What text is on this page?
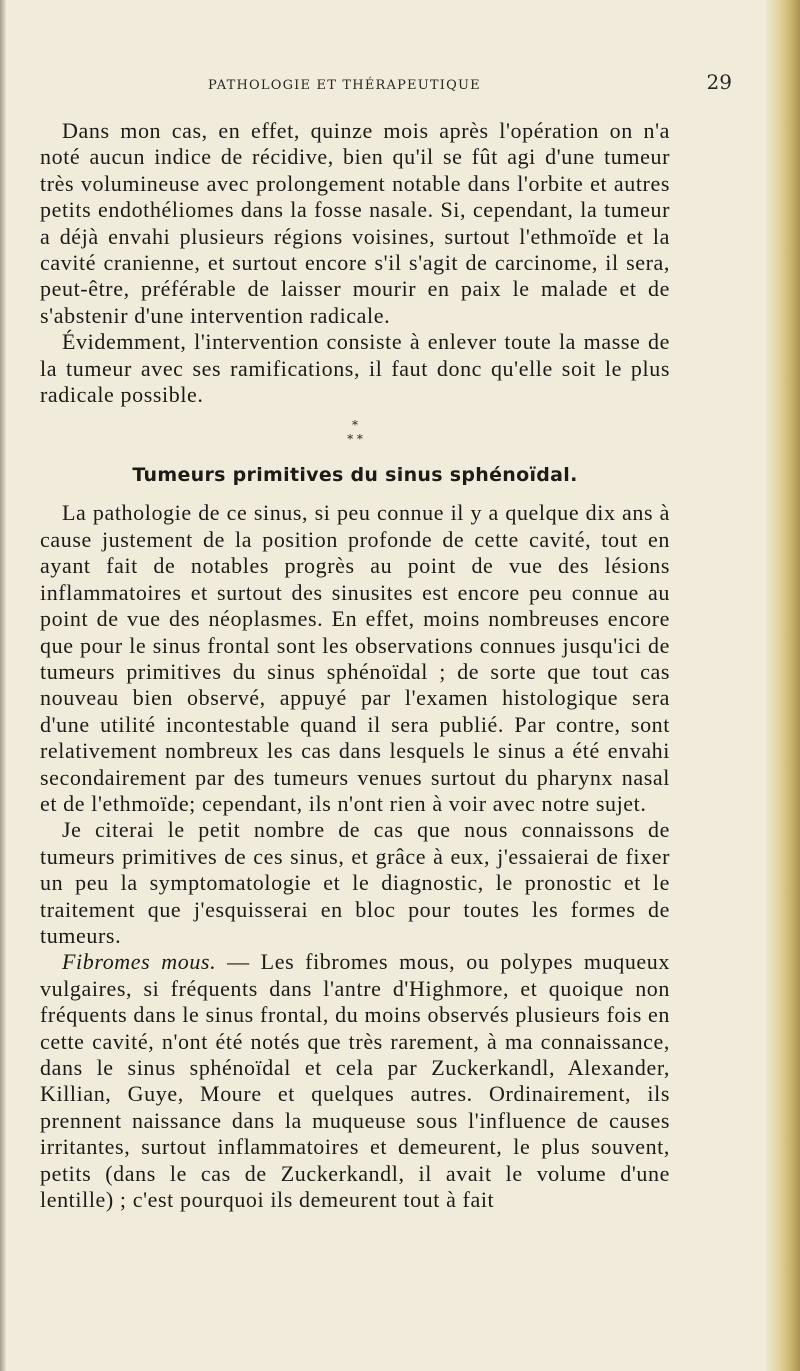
PATHOLOGIE ET THÉRAPEUTIQUE	29

Dans mon cas, en effet, quinze mois après l'opération on n'a noté aucun indice de récidive, bien qu'il se fût agi d'une tumeur très volumineuse avec prolongement notable dans l'orbite et autres petits endothéliomes dans la fosse nasale. Si, cependant, la tumeur a déjà envahi plusieurs régions voisines, surtout l'ethmoïde et la cavité cranienne, et surtout encore s'il s'agit de carcinome, il sera, peut-être, préférable de laisser mourir en paix le malade et de s'abstenir d'une intervention radicale.

Évidemment, l'intervention consiste à enlever toute la masse de la tumeur avec ses ramifications, il faut donc qu'elle soit le plus radicale possible.

*
* *
Tumeurs primitives du sinus sphénoïdal.

La pathologie de ce sinus, si peu connue il y a quelque dix ans à cause justement de la position profonde de cette cavité, tout en ayant fait de notables progrès au point de vue des lésions inflammatoires et surtout des sinusites est encore peu connue au point de vue des néoplasmes. En effet, moins nombreuses encore que pour le sinus frontal sont les observations connues jusqu'ici de tumeurs primitives du sinus sphénoïdal ; de sorte que tout cas nouveau bien observé, appuyé par l'examen histologique sera d'une utilité incontestable quand il sera publié. Par contre, sont relativement nombreux les cas dans lesquels le sinus a été envahi secondairement par des tumeurs venues surtout du pharynx nasal et de l'ethmoïde; cependant, ils n'ont rien à voir avec notre sujet.

Je citerai le petit nombre de cas que nous connaissons de tumeurs primitives de ces sinus, et grâce à eux, j'essaierai de fixer un peu la symptomatologie et le diagnostic, le pronostic et le traitement que j'esquisserai en bloc pour toutes les formes de tumeurs.

Fibromes mous. — Les fibromes mous, ou polypes muqueux vulgaires, si fréquents dans l'antre d'Highmore, et quoique non fréquents dans le sinus frontal, du moins observés plusieurs fois en cette cavité, n'ont été notés que très rarement, à ma connaissance, dans le sinus sphénoïdal et cela par Zuckerkandl, Alexander, Killian, Guye, Moure et quelques autres. Ordinairement, ils prennent naissance dans la muqueuse sous l'influence de causes irritantes, surtout inflammatoires et demeurent, le plus souvent, petits (dans le cas de Zuckerkandl, il avait le volume d'une lentille) ; c'est pourquoi ils demeurent tout à fait
